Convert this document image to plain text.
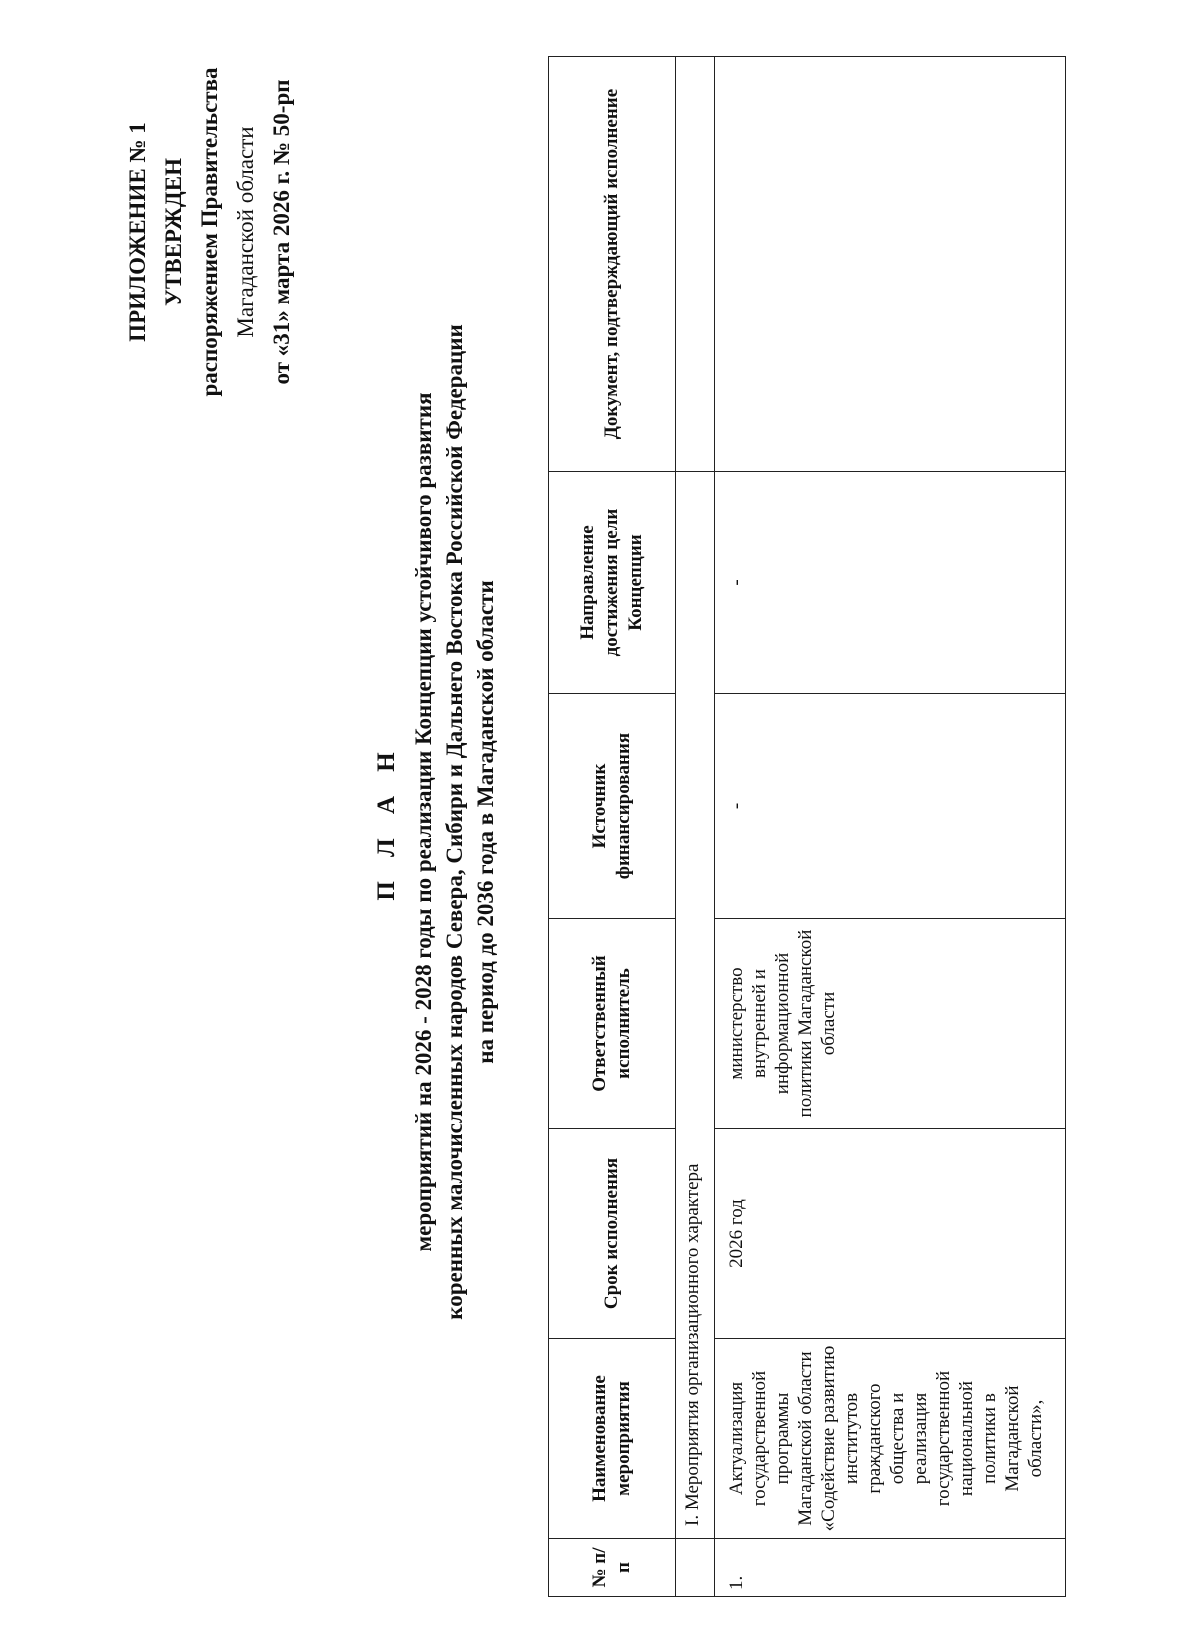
ПРИЛОЖЕНИЕ № 1 УТВЕРЖДЕН распоряжением Правительства Магаданской области от «31» марта 2026 г. № 50-рп
П Л А Н мероприятий на 2026 - 2028 годы по реализации Концепции устойчивого развития коренных малочисленных народов Севера, Сибири и Дальнего Востока Российской Федерации на период до 2036 года в Магаданской области
№ п/п	Наименование мероприятия	Срок исполнения	Ответственный исполнитель	Источник финансирования	Направление достижения цели Концепции	Документ, подтверждающий исполнение
	I. Мероприятия организационного характера					
1.	Актуализация государственной программы Магаданской области «Содействие развитию институтов гражданского общества и реализация государственной национальной политики в Магаданской области»,	2026 год	министерство внутренней и информационной политики Магаданской области	-	-	
